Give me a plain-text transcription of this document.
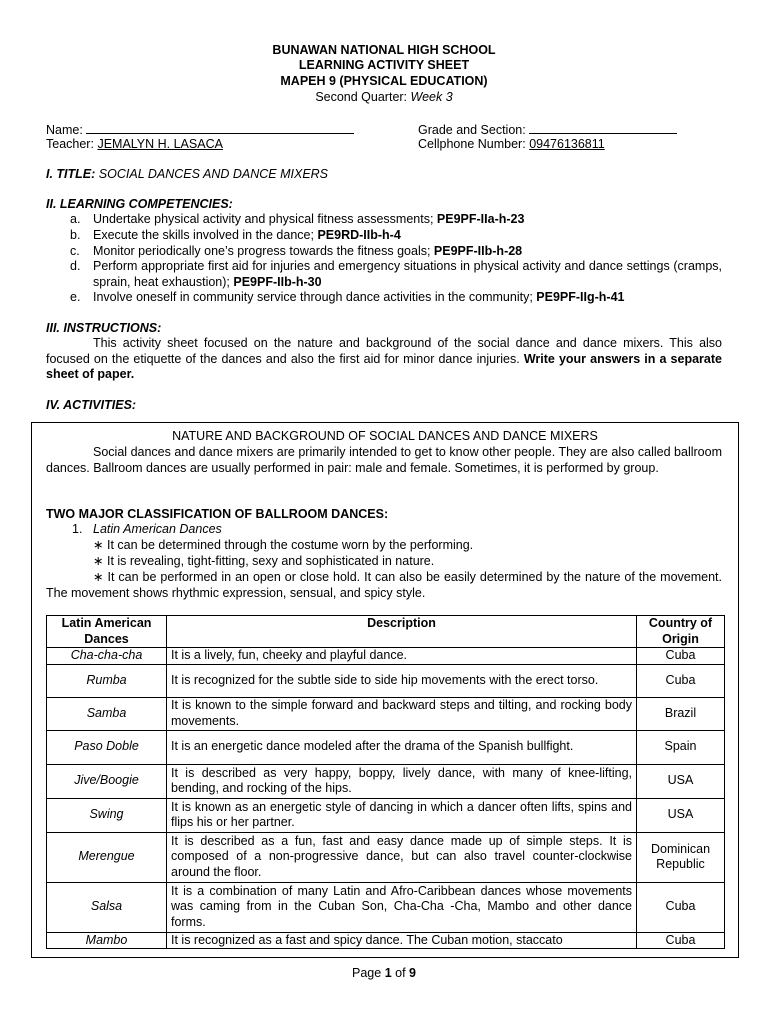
BUNAWAN NATIONAL HIGH SCHOOL
LEARNING ACTIVITY SHEET
MAPEH 9 (PHYSICAL EDUCATION)
Second Quarter: Week 3
Name:	Grade and Section:
Teacher: JEMALYN H. LASACA	Cellphone Number: 09476136811
I. TITLE: SOCIAL DANCES AND DANCE MIXERS
II. LEARNING COMPETENCIES:
a. Undertake physical activity and physical fitness assessments; PE9PF-IIa-h-23
b. Execute the skills involved in the dance; PE9RD-IIb-h-4
c. Monitor periodically one’s progress towards the fitness goals; PE9PF-IIb-h-28
d. Perform appropriate first aid for injuries and emergency situations in physical activity and dance settings (cramps, sprain, heat exhaustion); PE9PF-IIb-h-30
e. Involve oneself in community service through dance activities in the community; PE9PF-IIg-h-41
III. INSTRUCTIONS:
This activity sheet focused on the nature and background of the social dance and dance mixers. This also focused on the etiquette of the dances and also the first aid for minor dance injuries. Write your answers in a separate sheet of paper.
IV. ACTIVITIES:
NATURE AND BACKGROUND OF SOCIAL DANCES AND DANCE MIXERS
Social dances and dance mixers are primarily intended to get to know other people. They are also called ballroom dances. Ballroom dances are usually performed in pair: male and female. Sometimes, it is performed by group.
TWO MAJOR CLASSIFICATION OF BALLROOM DANCES:
1. Latin American Dances
∗ It can be determined through the costume worn by the performing.
∗ It is revealing, tight-fitting, sexy and sophisticated in nature.
∗ It can be performed in an open or close hold. It can also be easily determined by the nature of the movement. The movement shows rhythmic expression, sensual, and spicy style.
Latin American Dances	Description	Country of Origin
Cha-cha-cha	It is a lively, fun, cheeky and playful dance.	Cuba
Rumba	It is recognized for the subtle side to side hip movements with the erect torso.	Cuba
Samba	It is known to the simple forward and backward steps and tilting, and rocking body movements.	Brazil
Paso Doble	It is an energetic dance modeled after the drama of the Spanish bullfight.	Spain
Jive/Boogie	It is described as very happy, boppy, lively dance, with many of knee-lifting, bending, and rocking of the hips.	USA
Swing	It is known as an energetic style of dancing in which a dancer often lifts, spins and flips his or her partner.	USA
Merengue	It is described as a fun, fast and easy dance made up of simple steps. It is composed of a non-progressive dance, but can also travel counter-clockwise around the floor.	Dominican Republic
Salsa	It is a combination of many Latin and Afro-Caribbean dances whose movements was caming from in the Cuban Son, Cha-Cha -Cha, Mambo and other dance forms.	Cuba
Mambo	It is recognized as a fast and spicy dance. The Cuban motion, staccato	Cuba
Page 1 of 9
